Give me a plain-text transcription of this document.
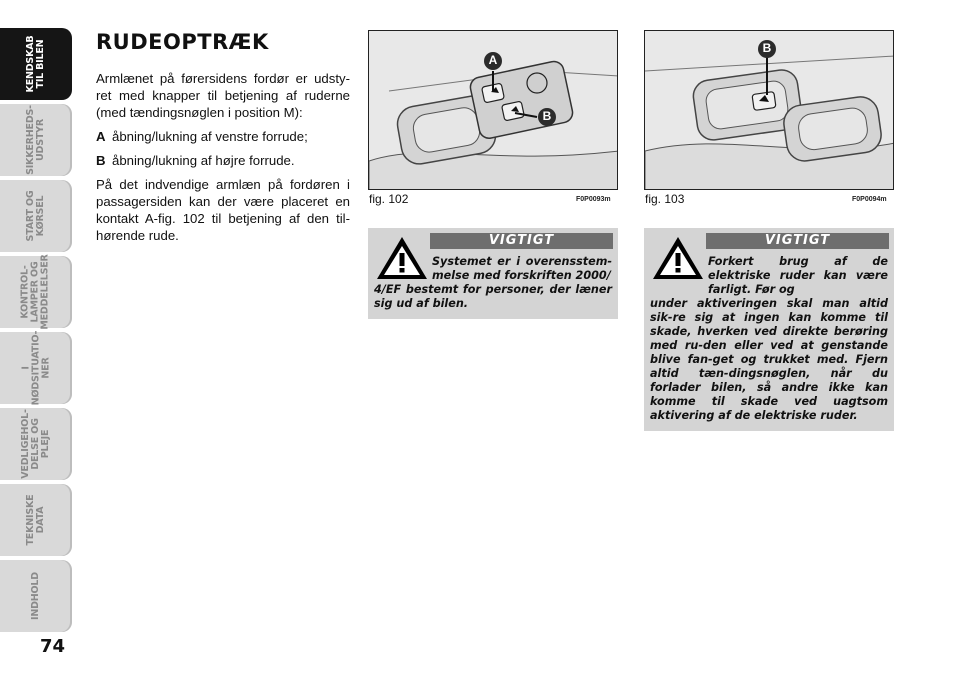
KENDSKAB
TIL BILEN
SIKKERHEDS-
UDSTYR
START OG
KØRSEL
KONTROL-
LAMPER OG
MEDDELELSER
I
NØDSITUATIO-
NER
VEDLIGEHOL-
DELSE OG PLEJE
TEKNISKE
DATA
INDHOLD
74
RUDEOPTRÆK

Armlænet på førersidens fordør er udsty-ret med knapper til betjening af ruderne (med tændingsnøglen i position M):

A åbning/lukning af venstre forrude;
B åbning/lukning af højre forrude.

På det indvendige armlæn på fordøren i passagersiden kan der være placeret en kontakt A-fig. 102 til betjening af den til-hørende rude.

A
B
fig. 102	F0P0093m
B
fig. 103	F0P0094m
VIGTIGT
Systemet er i overensstem-melse med forskriften 2000/
4/EF bestemt for personer, der læner sig ud af bilen.
VIGTIGT
Forkert brug af de elektriske ruder kan være farligt. Før og
under aktiveringen skal man altid sik-re sig at ingen kan komme til skade, hverken ved direkte berøring med ru-den eller ved at genstande blive fan-get og trukket med. Fjern altid tæn-dingsnøglen, når du forlader bilen, så andre ikke kan komme til skade ved uagtsom aktivering af de elektriske ruder.
